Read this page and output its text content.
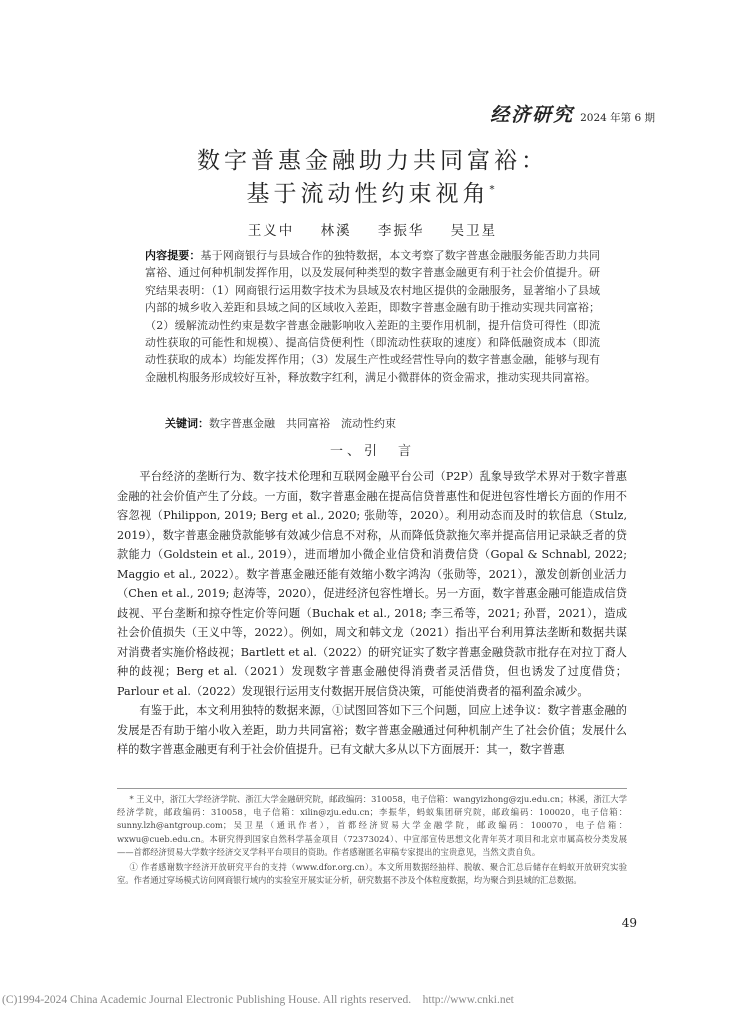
经济研究 2024 年第 6 期
数字普惠金融助力共同富裕：
基于流动性约束视角*
王义中 林溪 李振华 吴卫星
内容提要：基于网商银行与县域合作的独特数据，本文考察了数字普惠金融服务能否助力共同富裕、通过何种机制发挥作用，以及发展何种类型的数字普惠金融更有利于社会价值提升。研究结果表明：（1）网商银行运用数字技术为县域及农村地区提供的金融服务，显著缩小了县域内部的城乡收入差距和县域之间的区域收入差距，即数字普惠金融有助于推动实现共同富裕；（2）缓解流动性约束是数字普惠金融影响收入差距的主要作用机制，提升信贷可得性（即流动性获取的可能性和规模）、提高信贷便利性（即流动性获取的速度）和降低融资成本（即流动性获取的成本）均能发挥作用；（3）发展生产性或经营性导向的数字普惠金融，能够与现有金融机构服务形成较好互补，释放数字红利，满足小微群体的资金需求，推动实现共同富裕。
关键词：数字普惠金融　共同富裕　流动性约束
一、引　言

平台经济的垄断行为、数字技术伦理和互联网金融平台公司（P2P）乱象导致学术界对于数字普惠金融的社会价值产生了分歧。一方面，数字普惠金融在提高信贷普惠性和促进包容性增长方面的作用不容忽视（Philippon, 2019; Berg et al., 2020; 张勋等，2020）。利用动态而及时的软信息（Stulz, 2019），数字普惠金融贷款能够有效减少信息不对称，从而降低贷款拖欠率并提高信用记录缺乏者的贷款能力（Goldstein et al., 2019），进而增加小微企业信贷和消费信贷（Gopal & Schnabl, 2022; Maggio et al., 2022）。数字普惠金融还能有效缩小数字鸿沟（张勋等，2021），激发创新创业活力（Chen et al., 2019; 赵涛等，2020），促进经济包容性增长。另一方面，数字普惠金融可能造成信贷歧视、平台垄断和掠夺性定价等问题（Buchak et al., 2018; 李三希等，2021; 孙晋，2021），造成社会价值损失（王义中等，2022）。例如，周文和韩文龙（2021）指出平台利用算法垄断和数据共谋对消费者实施价格歧视；Bartlett et al.（2022）的研究证实了数字普惠金融贷款市批存在对拉丁裔人种的歧视；Berg et al.（2021）发现数字普惠金融使得消费者灵活借贷，但也诱发了过度借贷；Parlour et al.（2022）发现银行运用支付数据开展信贷决策，可能使消费者的福利盈余减少。

有鉴于此，本文利用独特的数据来源，①试图回答如下三个问题，回应上述争议：数字普惠金融的发展是否有助于缩小收入差距，助力共同富裕；数字普惠金融通过何种机制产生了社会价值；发展什么样的数字普惠金融更有利于社会价值提升。已有文献大多从以下方面展开：其一，数字普惠

* 王义中，浙江大学经济学院、浙江大学金融研究院，邮政编码：310058，电子信箱：wangyizhong@zju.edu.cn；林溪，浙江大学经济学院，邮政编码：310058，电子信箱：xilin@zju.edu.cn；李振华，蚂蚁集团研究院，邮政编码：100020，电子信箱：sunny.lzh@antgroup.com；吴卫星（通讯作者），首都经济贸易大学金融学院，邮政编码：100070，电子信箱：wxwu@cueb.edu.cn。本研究得到国家自然科学基金项目（72373024）、中宣部宣传思想文化青年英才项目和北京市属高校分类发展——首都经济贸易大学数字经济交叉学科平台项目的资助。作者感谢匿名审稿专家提出的宝贵意见，当然文责自负。

① 作者感谢数字经济开放研究平台的支持（www.dfor.org.cn）。本文所用数据经抽样、脱敏、聚合汇总后储存在蚂蚁开放研究实验室。作者通过穿场模式访问网商银行域内的实验室开展实证分析，研究数据不涉及个体粒度数据，均为聚合到县域的汇总数据。

49
(C)1994-2024 China Academic Journal Electronic Publishing House. All rights reserved.　http://www.cnki.net
